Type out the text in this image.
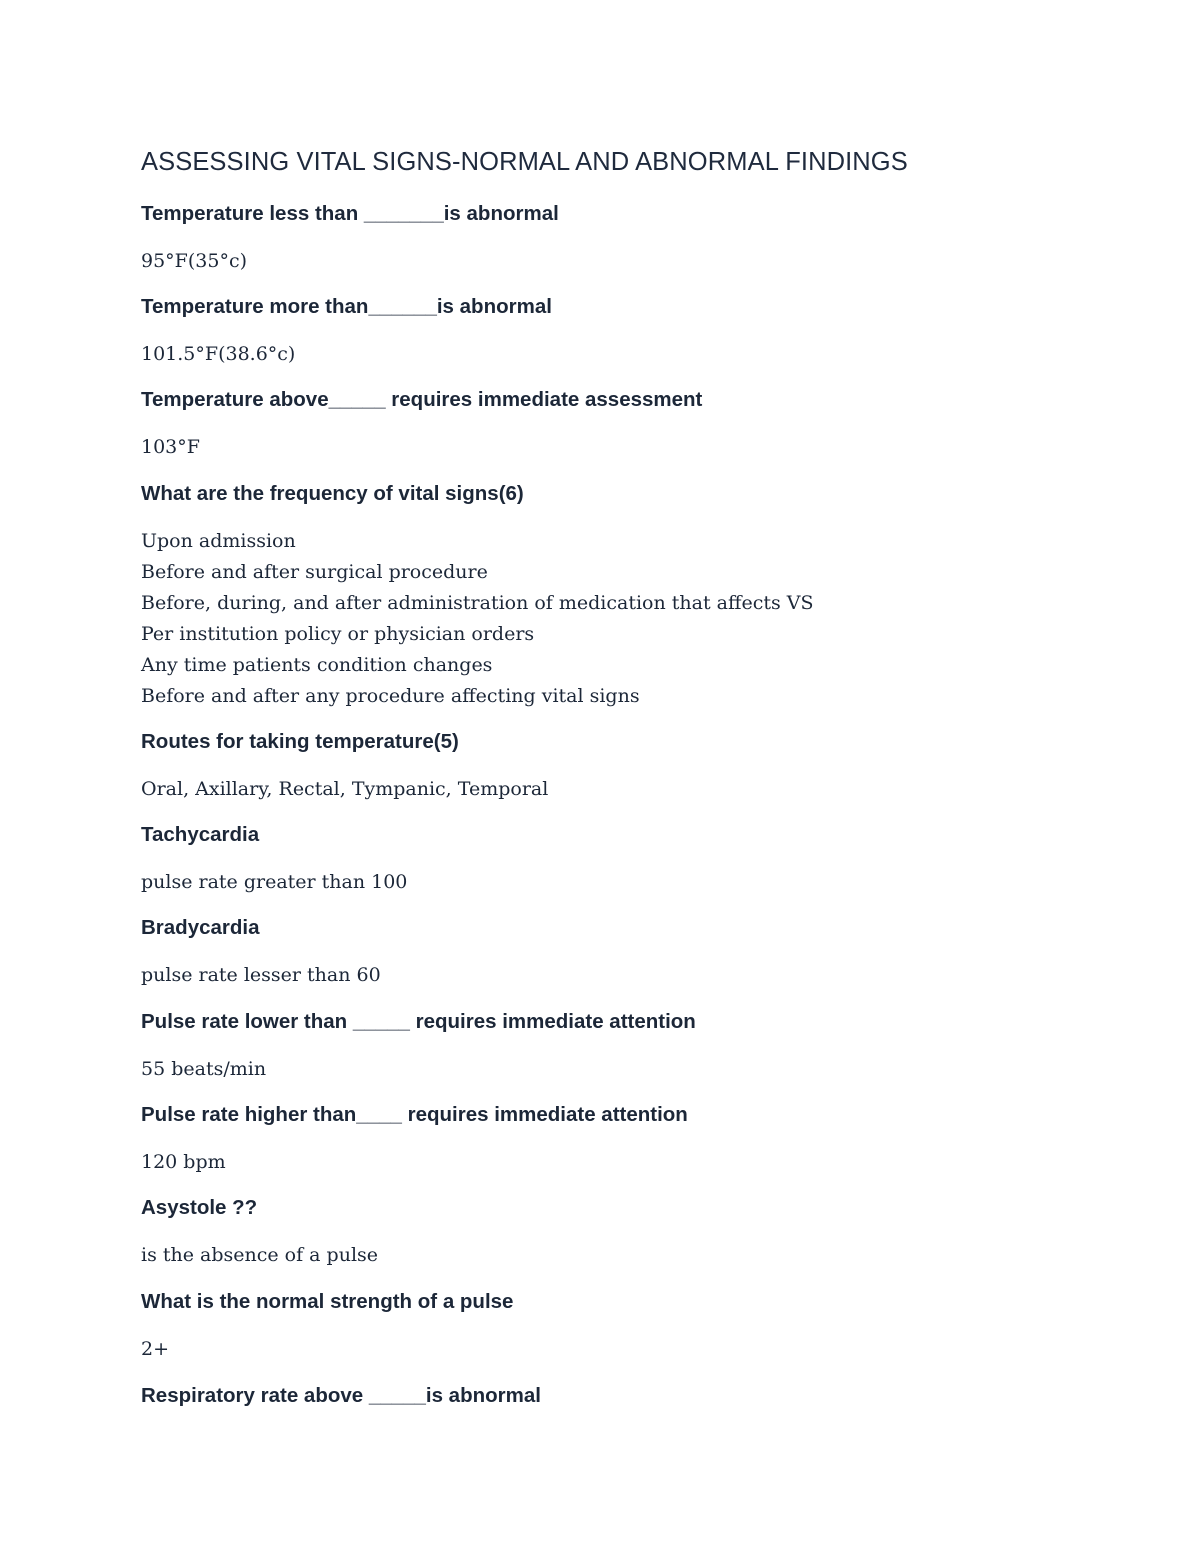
ASSESSING VITAL SIGNS-NORMAL AND ABNORMAL FINDINGS
Temperature less than _______is abnormal
95°F(35°c)
Temperature more than______is abnormal
101.5°F(38.6°c)
Temperature above_____ requires immediate assessment
103°F
What are the frequency of vital signs(6)
Upon admission
Before and after surgical procedure
Before, during, and after administration of medication that affects VS
Per institution policy or physician orders
Any time patients condition changes
Before and after any procedure affecting vital signs
Routes for taking temperature(5)
Oral, Axillary, Rectal, Tympanic, Temporal
Tachycardia
pulse rate greater than 100
Bradycardia
pulse rate lesser than 60
Pulse rate lower than _____ requires immediate attention
55 beats/min
Pulse rate higher than____ requires immediate attention
120 bpm
Asystole ??
is the absence of a pulse
What is the normal strength of a pulse
2+
Respiratory rate above _____is abnormal
